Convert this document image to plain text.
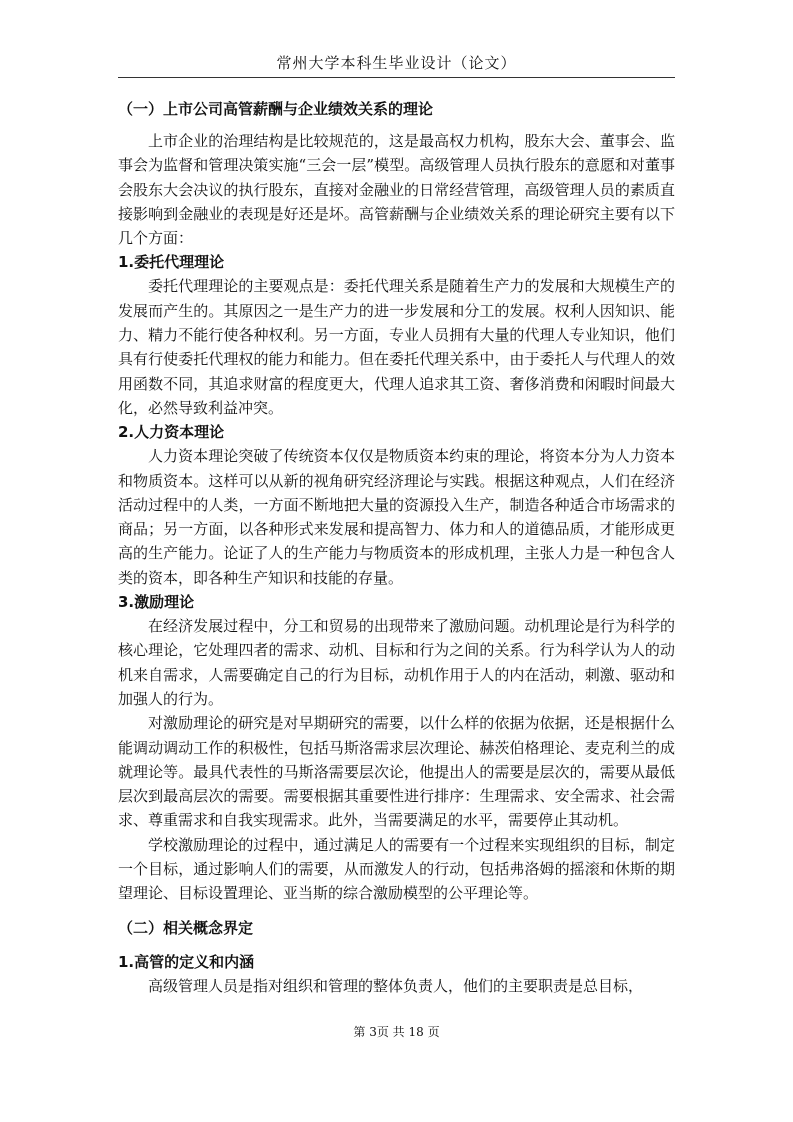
常州大学本科生毕业设计（论文）
（一）上市公司高管薪酬与企业绩效关系的理论

上市企业的治理结构是比较规范的，这是最高权力机构，股东大会、董事会、监事会为监督和管理决策实施“三会一层”模型。高级管理人员执行股东的意愿和对董事会股东大会决议的执行股东，直接对金融业的日常经营管理，高级管理人员的素质直接影响到金融业的表现是好还是坏。高管薪酬与企业绩效关系的理论研究主要有以下几个方面：

1.委托代理理论

委托代理理论的主要观点是：委托代理关系是随着生产力的发展和大规模生产的发展而产生的。其原因之一是生产力的进一步发展和分工的发展。权利人因知识、能力、精力不能行使各种权利。另一方面，专业人员拥有大量的代理人专业知识，他们具有行使委托代理权的能力和能力。但在委托代理关系中，由于委托人与代理人的效用函数不同，其追求财富的程度更大，代理人追求其工资、奢侈消费和闲暇时间最大化，必然导致利益冲突。

2.人力资本理论

人力资本理论突破了传统资本仅仅是物质资本约束的理论，将资本分为人力资本和物质资本。这样可以从新的视角研究经济理论与实践。根据这种观点，人们在经济活动过程中的人类，一方面不断地把大量的资源投入生产，制造各种适合市场需求的商品；另一方面，以各种形式来发展和提高智力、体力和人的道德品质，才能形成更高的生产能力。论证了人的生产能力与物质资本的形成机理，主张人力是一种包含人类的资本，即各种生产知识和技能的存量。

3.激励理论

在经济发展过程中，分工和贸易的出现带来了激励问题。动机理论是行为科学的核心理论，它处理四者的需求、动机、目标和行为之间的关系。行为科学认为人的动机来自需求，人需要确定自己的行为目标，动机作用于人的内在活动，刺激、驱动和加强人的行为。

对激励理论的研究是对早期研究的需要，以什么样的依据为依据，还是根据什么能调动调动工作的积极性，包括马斯洛需求层次理论、赫茨伯格理论、麦克利兰的成就理论等。最具代表性的马斯洛需要层次论，他提出人的需要是层次的，需要从最低层次到最高层次的需要。需要根据其重要性进行排序：生理需求、安全需求、社会需求、尊重需求和自我实现需求。此外，当需要满足的水平，需要停止其动机。

学校激励理论的过程中，通过满足人的需要有一个过程来实现组织的目标，制定一个目标，通过影响人们的需要，从而激发人的行动，包括弗洛姆的摇滚和休斯的期望理论、目标设置理论、亚当斯的综合激励模型的公平理论等。

（二）相关概念界定
1.高管的定义和内涵

高级管理人员是指对组织和管理的整体负责人，他们的主要职责是总目标，

第 3页 共 18 页
